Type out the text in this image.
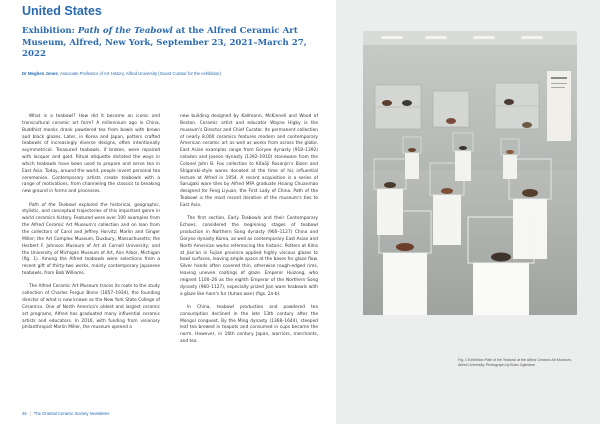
United States
Exhibition: Path of the Teabowl at the Alfred Ceramic Art Museum, Alfred, New York, September 23, 2021–March 27, 2022

Dr Meghen Jones, Associate Professor of Art History, Alfred University (Guest Curator for the exhibition)

What is a teabowl? How did it become an iconic and transcultural ceramic art form? A millennium ago in China, Buddhist monks drank powdered tea from bowls with brown and black glazes. Later, in Korea and Japan, potters crafted teabowls of increasingly diverse designs, often intentionally asymmetrical. Treasured teabowls, if broken, were repaired with lacquer and gold. Ritual etiquette dictated the ways in which teabowls have been used to prepare and serve tea in East Asia. Today, around the world, people invent personal tea ceremonies. Contemporary artists create teabowls with a range of motivations, from channeling the classics to breaking new ground in forms and processes.

Path of the Teabowl explored the historical, geographic, stylistic, and conceptual trajectories of this important genre in world ceramics history. Featured were over 100 examples from the Alfred Ceramic Art Museum's collection and on loan from the collectors of Carol and Jeffrey Horvitz; Marlin and Ginger Miller; the Art Complex Museum, Duxbury, Massachusetts; the Herbert F. Johnson Museum of Art at Cornell University; and the University of Michigan Museum of Art, Ann Arbor, Michigan (fig. 1). Among the Alfred teabowls were selections from a recent gift of thirty-two works, mainly contemporary Japanese teabowls, from Bob Williams.

The Alfred Ceramic Art Museum traces its roots to the study collection of Charles Fergus Binns (1857–1934), the founding director of what is now known as the New York State College of Ceramics. One of North America's oldest and largest ceramic art programs, Alfred has graduated many influential ceramic artists and educators. In 2016, with funding from visionary philanthropist Marlin Miller, the museum opened a

new building designed by Kallmann, McKinnell and Wood of Boston. Ceramic artist and educator Wayne Higby is the museum's Director and Chief Curator. Its permanent collection of nearly 8,000 ceramics features modern and contemporary American ceramic art as well as works from across the globe. East Asian examples range from Goryeo dynasty (918–1392) celadon and Joseon dynasty (1392–1910) stoneware from the Colonel John B. Fox collection to Kitaōji Rosanjin's Bizen and Shigaraki-style wares donated at the time of his influential lecture at Alfred in 1954. A recent acquisition is a series of Sarugaki ware tiles by Alfred MFA graduate Hsiang Chuanmao designed for Feng Liyuan, the First Lady of China. Path of the Teabowl is the most recent iteration of the museum's ties to East Asia.

The first section, Early Teabowls and their Contemporary Echoes, considered the beginning stages of teabowl production in Northern Song dynasty (960–1127) China and Goryeo dynasty Korea, as well as contemporary East Asian and North American works referencing the historic. Potters at Kilns at Jian'an in Fujian province applied highly viscous glazes to bowl surfaces, leaving ample space at the bases for glaze flow. Silver hands often covered thin, otherwise rough-edged rims, leaving uneven coatings of glaze. Emperor Huizong, who reigned 1100–26 as the eighth Emperor of the Northern Song dynasty (960–1127), especially prized Jian ware teabowls with a glaze like hare's fur (tuhao wan) (figs. 2a-b).

In China, teabowl production and powdered tea consumption declined in the late 13th century after the Mongol conquest. By the Ming dynasty (1368–1644), steeped leaf tea brewed in teapots and consumed in cups became the norm. However, in 16th century Japan, warriors, merchants, and tea

46 | The Oriental Ceramic Society Newsletter
Fig. 1 Exhibition Path of the Teabowl at the Alfred Ceramic Art Museum, Alfred University. Photograph by Brian Oglesbee
